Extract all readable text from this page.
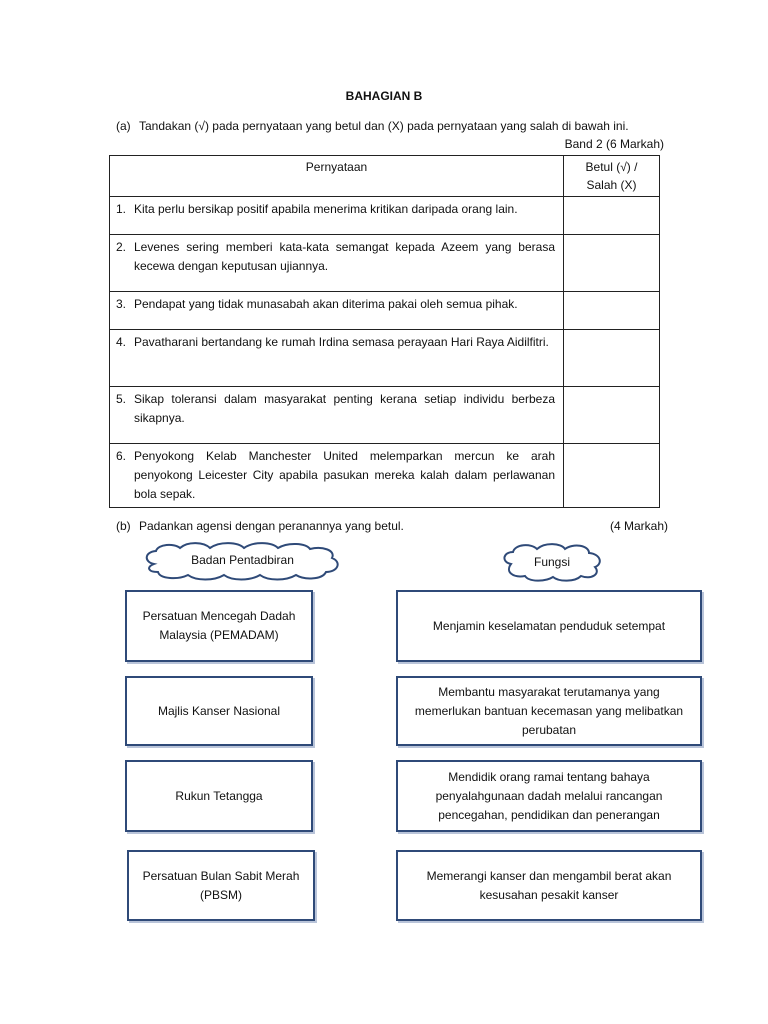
BAHAGIAN B
(a) Tandakan (√) pada pernyataan yang betul dan (X) pada pernyataan yang salah di bawah ini.
Band 2 (6 Markah)
Pernyataan	Betul (√) /
Salah (X)
1. Kita perlu bersikap positif apabila menerima kritikan daripada orang lain.	

2. Levenes sering memberi kata-kata semangat kepada Azeem yang berasa kecewa dengan keputusan ujiannya.	

3. Pendapat yang tidak munasabah akan diterima pakai oleh semua pihak.	

4. Pavatharani bertandang ke rumah Irdina semasa perayaan Hari Raya Aidilfitri.	

5. Sikap toleransi dalam masyarakat penting kerana setiap individu berbeza sikapnya.	

6. Penyokong Kelab Manchester United melemparkan mercun ke arah penyokong Leicester City apabila pasukan mereka kalah dalam perlawanan bola sepak.	

(b) Padankan agensi dengan peranannya yang betul.	(4 Markah)
Badan Pentadbiran	Fungsi
Persatuan Mencegah Dadah Malaysia (PEMADAM)
Majlis Kanser Nasional
Rukun Tetangga
Persatuan Bulan Sabit Merah (PBSM)
Menjamin keselamatan penduduk setempat
Membantu masyarakat terutamanya yang memerlukan bantuan kecemasan yang melibatkan perubatan
Mendidik orang ramai tentang bahaya penyalahgunaan dadah melalui rancangan pencegahan, pendidikan dan penerangan
Memerangi kanser dan mengambil berat akan kesusahan pesakit kanser
